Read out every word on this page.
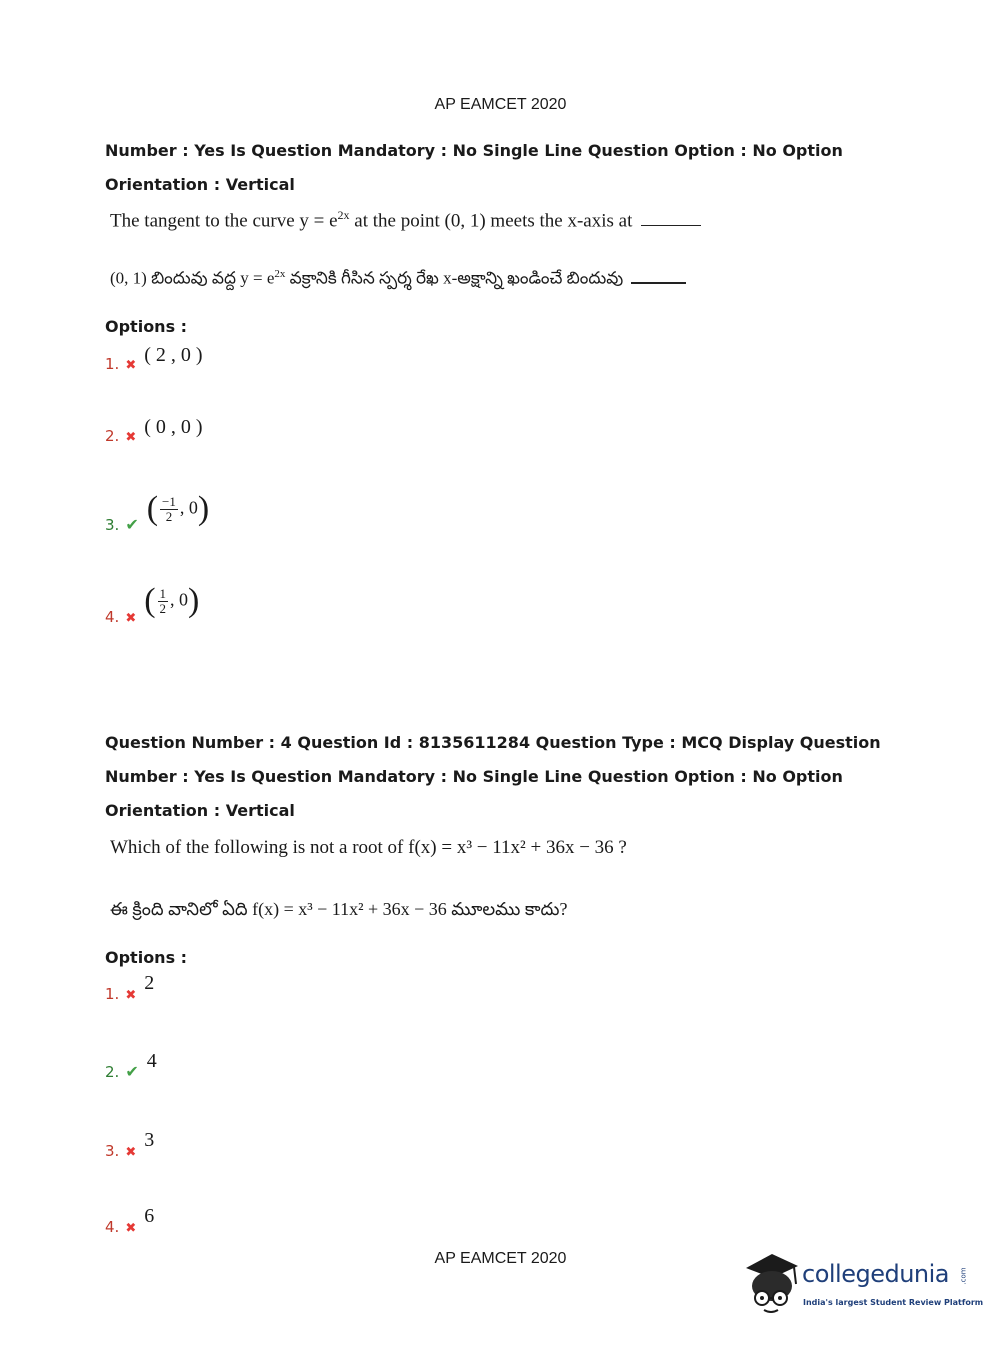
AP EAMCET 2020
Number : Yes Is Question Mandatory : No Single Line Question Option : No Option
Orientation : Vertical
The tangent to the curve $y = e^{2x}$ at the point (0, 1) meets the x-axis at
(0, 1) బిందువు వద్ద $y = e^{2x}$ వక్రానికి గీసిన స్పర్శ రేఖ x-అక్షాన్ని ఖండించే బిందువు
Options :
1. ✖ ( 2 , 0 )
2. ✖ ( 0 , 0 )
3. ✔ ( $\frac{-1}{2}$ , 0)
4. ✖ ( $\frac{1}{2}$ , 0)
Question Number : 4 Question Id : 8135611284 Question Type : MCQ Display Question
Number : Yes Is Question Mandatory : No Single Line Question Option : No Option
Orientation : Vertical
Which of the following is not a root of f(x) = x³ − 11x² + 36x − 36 ?
ఈ క్రింది వానిలో ఏది f(x) = x³ − 11x² + 36x − 36 మూలము కాదు?
Options :
1. ✖
2
2. ✔ 4
3. ✖
3
4. ✖
6
AP EAMCET 2020
collegedunia .com
India's largest Student Review Platform
